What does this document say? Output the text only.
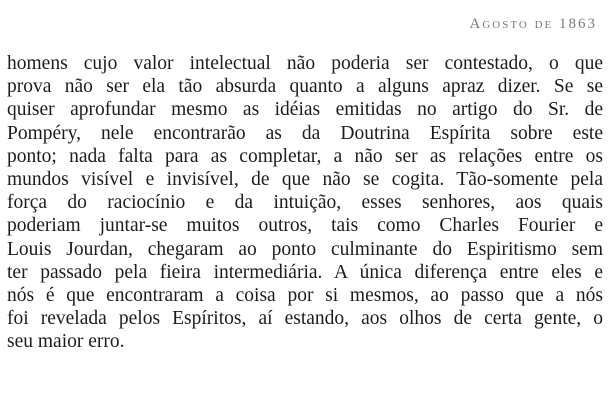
Agosto de 1863
homens cujo valor intelectual não poderia ser contestado, o que
prova não ser ela tão absurda quanto a alguns apraz dizer. Se se
quiser aprofundar mesmo as idéias emitidas no artigo do Sr. de
Pompéry, nele encontrarão as da Doutrina Espírita sobre este
ponto; nada falta para as completar, a não ser as relações entre os
mundos visível e invisível, de que não se cogita. Tão-somente pela
força do raciocínio e da intuição, esses senhores, aos quais
poderiam juntar-se muitos outros, tais como Charles Fourier e
Louis Jourdan, chegaram ao ponto culminante do Espiritismo sem
ter passado pela fieira intermediária. A única diferença entre eles e
nós é que encontraram a coisa por si mesmos, ao passo que a nós
foi revelada pelos Espíritos, aí estando, aos olhos de certa gente, o
seu maior erro.
